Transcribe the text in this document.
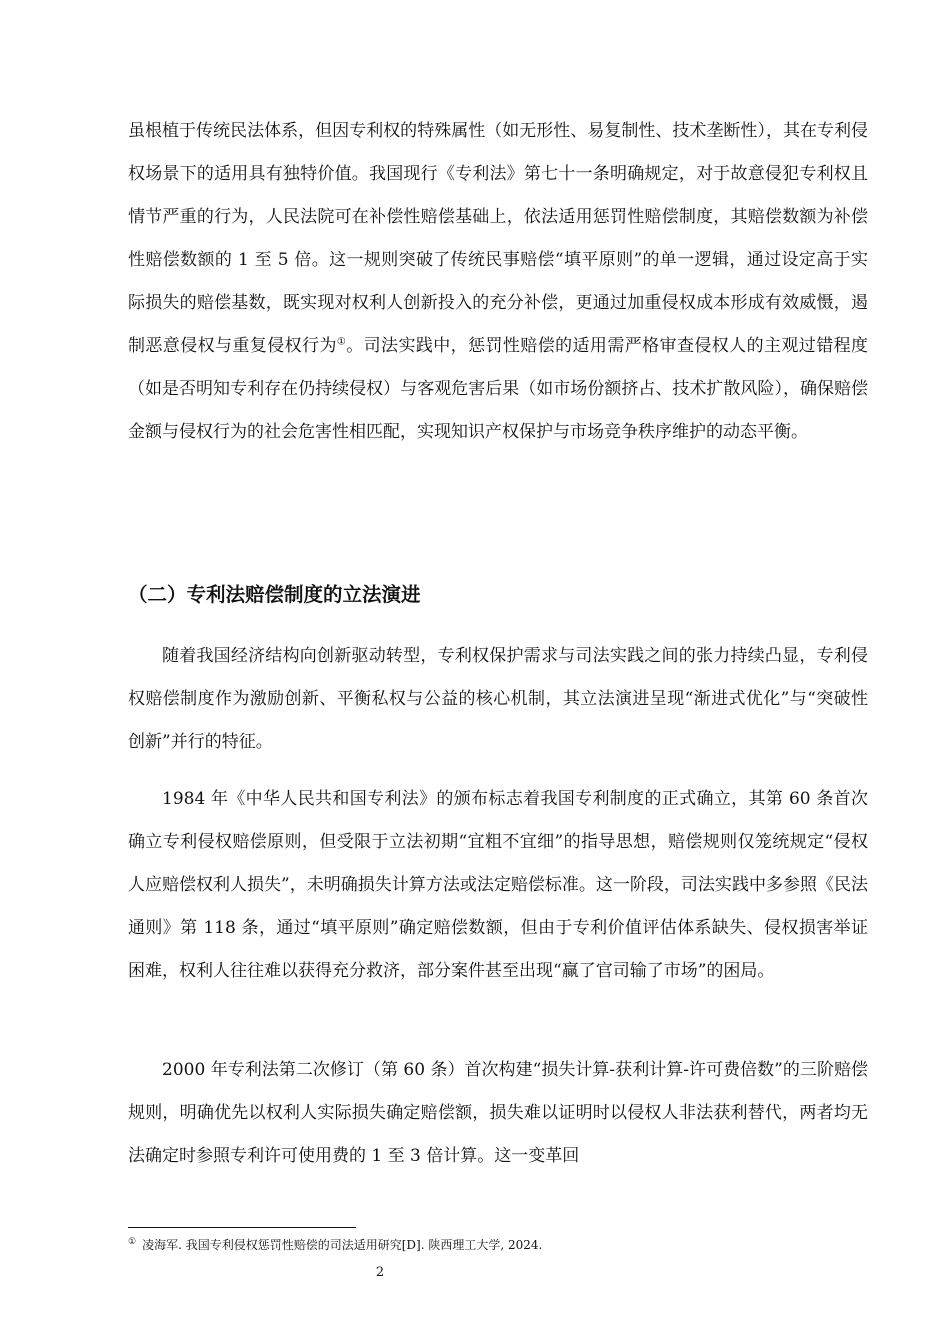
虽根植于传统民法体系，但因专利权的特殊属性（如无形性、易复制性、技术垄断性），其在专利侵权场景下的适用具有独特价值。我国现行《专利法》第七十一条明确规定，对于故意侵犯专利权且情节严重的行为，人民法院可在补偿性赔偿基础上，依法适用惩罚性赔偿制度，其赔偿数额为补偿性赔偿数额的 1 至 5 倍。这一规则突破了传统民事赔偿“填平原则”的单一逻辑，通过设定高于实际损失的赔偿基数，既实现对权利人创新投入的充分补偿，更通过加重侵权成本形成有效威慑，遏制恶意侵权与重复侵权行为①。司法实践中，惩罚性赔偿的适用需严格审查侵权人的主观过错程度（如是否明知专利存在仍持续侵权）与客观危害后果（如市场份额挤占、技术扩散风险），确保赔偿金额与侵权行为的社会危害性相匹配，实现知识产权保护与市场竞争秩序维护的动态平衡。

（二）专利法赔偿制度的立法演进

随着我国经济结构向创新驱动转型，专利权保护需求与司法实践之间的张力持续凸显，专利侵权赔偿制度作为激励创新、平衡私权与公益的核心机制，其立法演进呈现“渐进式优化”与“突破性创新”并行的特征。

1984 年《中华人民共和国专利法》的颁布标志着我国专利制度的正式确立，其第 60 条首次确立专利侵权赔偿原则，但受限于立法初期“宜粗不宜细”的指导思想，赔偿规则仅笼统规定“侵权人应赔偿权利人损失”，未明确损失计算方法或法定赔偿标准。这一阶段，司法实践中多参照《民法通则》第 118 条，通过“填平原则”确定赔偿数额，但由于专利价值评估体系缺失、侵权损害举证困难，权利人往往难以获得充分救济，部分案件甚至出现“赢了官司输了市场”的困局。

2000 年专利法第二次修订（第 60 条）首次构建“损失计算-获利计算-许可费倍数”的三阶赔偿规则，明确优先以权利人实际损失确定赔偿额，损失难以证明时以侵权人非法获利替代，两者均无法确定时参照专利许可使用费的 1 至 3 倍计算。这一变革回

① 凌海军. 我国专利侵权惩罚性赔偿的司法适用研究[D]. 陕西理工大学, 2024.

2
